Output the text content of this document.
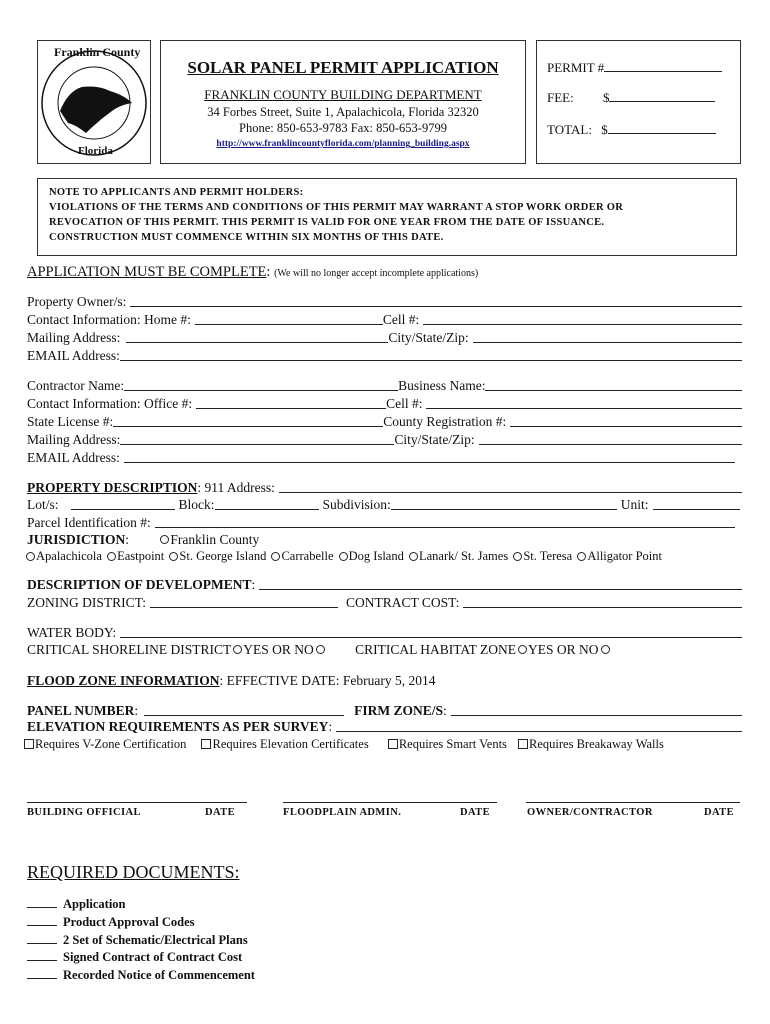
Franklin County
Florida
SOLAR PANEL PERMIT APPLICATION
FRANKLIN COUNTY BUILDING DEPARTMENT
34 Forbes Street, Suite 1, Apalachicola, Florida 32320
Phone: 850-653-9783 Fax: 850-653-9799
http://www.franklincountyflorida.com/planning_building.aspx
PERMIT #
FEE: $
TOTAL: $
NOTE TO APPLICANTS AND PERMIT HOLDERS:
VIOLATIONS OF THE TERMS AND CONDITIONS OF THIS PERMIT MAY WARRANT A STOP WORK ORDER OR
REVOCATION OF THIS PERMIT. THIS PERMIT IS VALID FOR ONE YEAR FROM THE DATE OF ISSUANCE.
CONSTRUCTION MUST COMMENCE WITHIN SIX MONTHS OF THIS DATE.
APPLICATION MUST BE COMPLETE: (We will no longer accept incomplete applications)
Property Owner/s:
Contact Information: Home #:	Cell #:
Mailing Address:	City/State/Zip:
EMAIL Address:
Contractor Name:	Business Name:
Contact Information: Office #:	Cell #:
State License #:	County Registration #:
Mailing Address:	City/State/Zip:
EMAIL Address:
PROPERTY DESCRIPTION : 911 Address:
Lot/s:	Block:	Subdivision:	Unit:
Parcel Identification #:
JURISDICTION:	Franklin County
Apalachicola Eastpoint St. George Island Carrabelle Dog Island Lanark/ St. James St. Teresa Alligator Point
DESCRIPTION OF DEVELOPMENT :
ZONING DISTRICT:	CONTRACT COST:
WATER BODY:
CRITICAL SHORELINE DISTRICT YES OR NO	CRITICAL HABITAT ZONE YES OR NO
FLOOD ZONE INFORMATION: EFFECTIVE DATE: February 5, 2014
PANEL NUMBER :	FIRM ZONE/S :
ELEVATION REQUIREMENTS AS PER SURVEY :
Requires V-Zone Certification Requires Elevation Certificates Requires Smart Vents Requires Breakaway Walls
BUILDING OFFICIAL	DATE	FLOODPLAIN ADMIN.	DATE	OWNER/CONTRACTOR	DATE
REQUIRED DOCUMENTS:
Application
Product Approval Codes
2 Set of Schematic/Electrical Plans
Signed Contract of Contract Cost
Recorded Notice of Commencement
